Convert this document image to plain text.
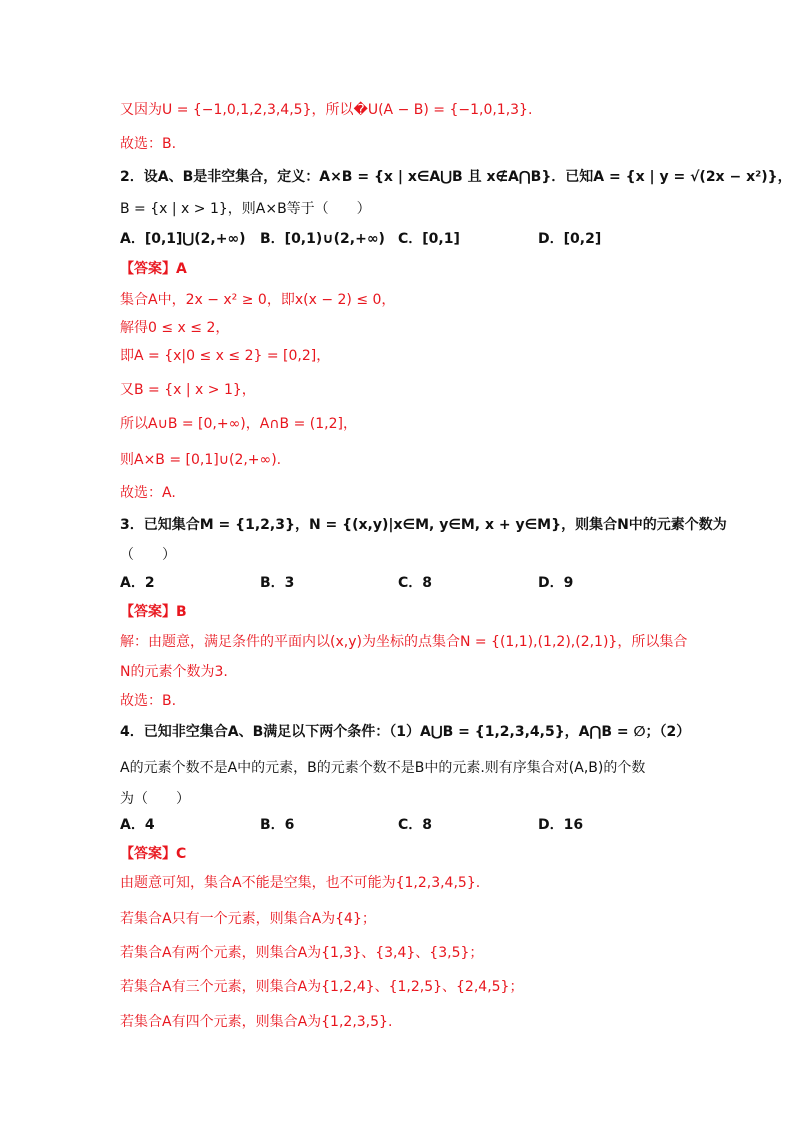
又因为U = {−1,0,1,2,3,4,5}，所以�U(A − B) = {−1,0,1,3}.
故选：B.
2．设A、B是非空集合，定义：A×B = {x | x∈A⋃B 且 x∉A⋂B}．已知A = {x | y = √(2x − x²)}，
B = {x | x > 1}，则A×B等于（　　）
A．[0,1]⋃(2,+∞) B．[0,1)∪(2,+∞) C．[0,1]	D．[0,2]
【答案】A
集合A中，2x − x² ≥ 0，即x(x − 2) ≤ 0，
解得0 ≤ x ≤ 2，
即A = {x|0 ≤ x ≤ 2} = [0,2]，
又B = {x | x > 1}，
所以A∪B = [0,+∞)，A∩B = (1,2]，
则A×B = [0,1]∪(2,+∞).
故选：A.
3．已知集合M = {1,2,3}，N = {(x,y)|x∈M, y∈M, x + y∈M}，则集合N中的元素个数为
（　　）
A．2	B．3	C．8	D．9
【答案】B
解：由题意，满足条件的平面内以(x,y)为坐标的点集合N = {(1,1),(1,2),(2,1)}，所以集合
N的元素个数为3.
故选：B.
4．已知非空集合A、B满足以下两个条件：（1）A⋃B = {1,2,3,4,5}，A⋂B = ∅；（2）
A的元素个数不是A中的元素，B的元素个数不是B中的元素.则有序集合对(A,B)的个数
为（　　）
A．4	B．6	C．8	D．16
【答案】C
由题意可知，集合A不能是空集，也不可能为{1,2,3,4,5}.
若集合A只有一个元素，则集合A为{4}；
若集合A有两个元素，则集合A为{1,3}、{3,4}、{3,5}；
若集合A有三个元素，则集合A为{1,2,4}、{1,2,5}、{2,4,5}；
若集合A有四个元素，则集合A为{1,2,3,5}.
